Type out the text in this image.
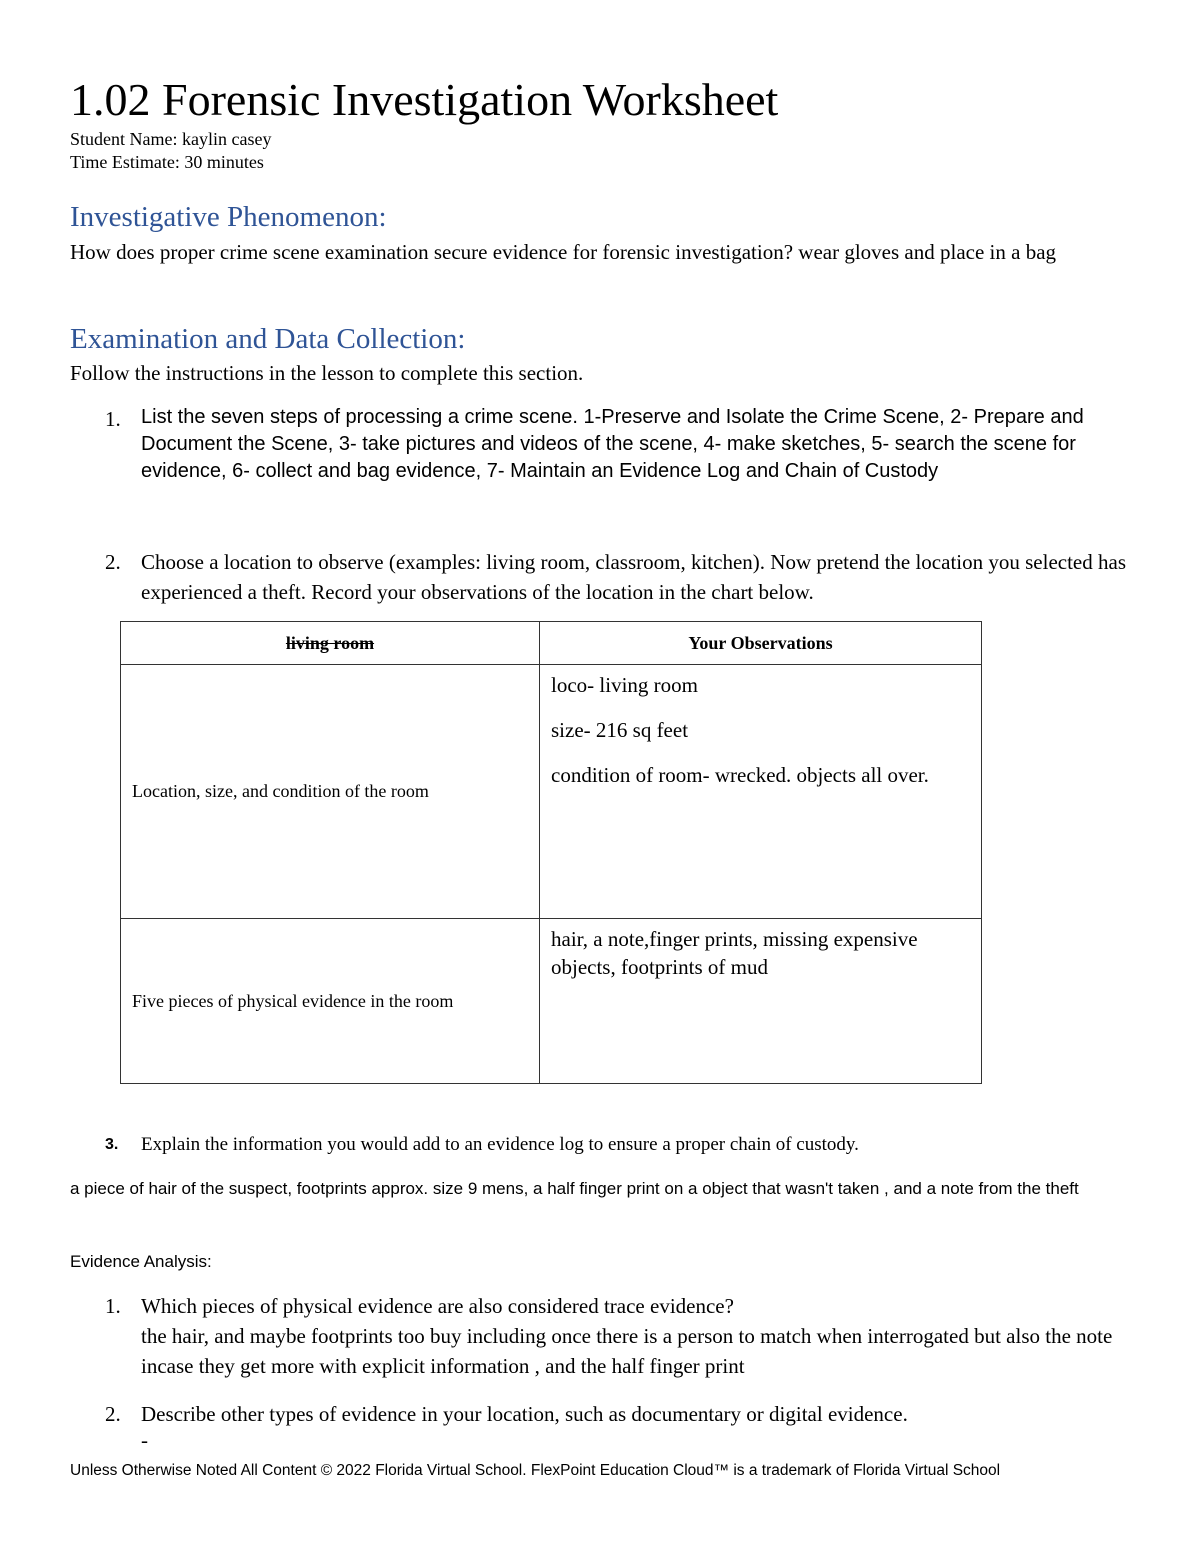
1.02 Forensic Investigation Worksheet
Student Name: kaylin casey
Time Estimate: 30 minutes
Investigative Phenomenon:
How does proper crime scene examination secure evidence for forensic investigation? wear gloves and place in a bag
Examination and Data Collection:
Follow the instructions in the lesson to complete this section.
1. List the seven steps of processing a crime scene. 1-Preserve and Isolate the Crime Scene, 2- Prepare and Document the Scene, 3- take pictures and videos of the scene, 4- make sketches, 5- search the scene for evidence, 6- collect and bag evidence, 7- Maintain an Evidence Log and Chain of Custody
2. Choose a location to observe (examples: living room, classroom, kitchen). Now pretend the location you selected has experienced a theft. Record your observations of the location in the chart below.
living room	Your Observations
Location, size, and condition of the room	loco- living room

size- 216 sq feet

condition of room- wrecked. objects all over.

Five pieces of physical evidence in the room	hair, a note,finger prints, missing expensive objects, footprints of mud

3. Explain the information you would add to an evidence log to ensure a proper chain of custody.
a piece of hair of the suspect, footprints approx. size 9 mens, a half finger print on a object that wasn't taken , and a note from the theft
Evidence Analysis:
1. Which pieces of physical evidence are also considered trace evidence?
the hair, and maybe footprints too buy including once there is a person to match when interrogated but also the note incase they get more with explicit information , and the half finger print
2. Describe other types of evidence in your location, such as documentary or digital evidence.
-
Unless Otherwise Noted All Content © 2022 Florida Virtual School. FlexPoint Education Cloud™ is a trademark of Florida Virtual School
